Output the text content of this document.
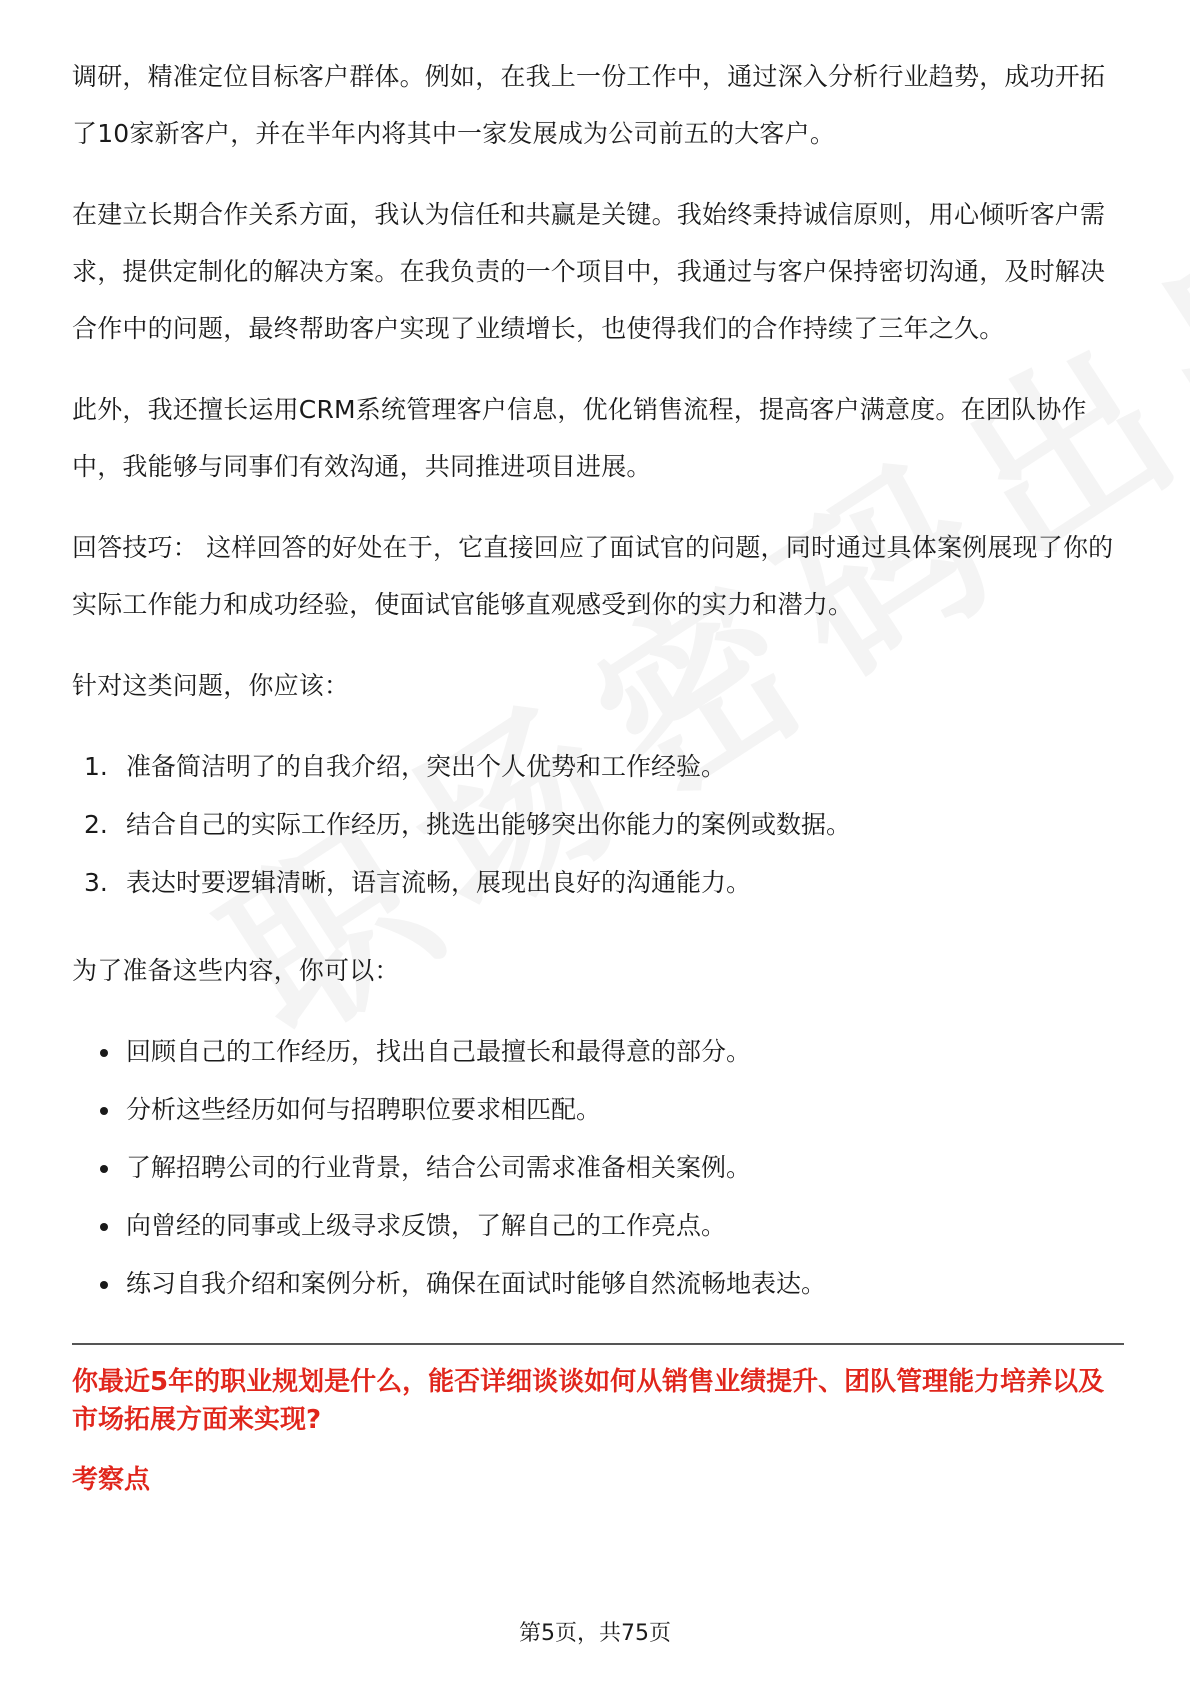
调研，精准定位目标客户群体。例如，在我上一份工作中，通过深入分析行业趋势，成功开拓了10家新客户，并在半年内将其中一家发展成为公司前五的大客户。

在建立长期合作关系方面，我认为信任和共赢是关键。我始终秉持诚信原则，用心倾听客户需求，提供定制化的解决方案。在我负责的一个项目中，我通过与客户保持密切沟通，及时解决合作中的问题，最终帮助客户实现了业绩增长，也使得我们的合作持续了三年之久。

此外，我还擅长运用CRM系统管理客户信息，优化销售流程，提高客户满意度。在团队协作中，我能够与同事们有效沟通，共同推进项目进展。

回答技巧： 这样回答的好处在于，它直接回应了面试官的问题，同时通过具体案例展现了你的实际工作能力和成功经验，使面试官能够直观感受到你的实力和潜力。

针对这类问题，你应该：

1. 准备简洁明了的自我介绍，突出个人优势和工作经验。
2. 结合自己的实际工作经历，挑选出能够突出你能力的案例或数据。
3. 表达时要逻辑清晰，语言流畅，展现出良好的沟通能力。

为了准备这些内容，你可以：

回顾自己的工作经历，找出自己最擅长和最得意的部分。
分析这些经历如何与招聘职位要求相匹配。
了解招聘公司的行业背景，结合公司需求准备相关案例。
向曾经的同事或上级寻求反馈，了解自己的工作亮点。
练习自我介绍和案例分析，确保在面试时能够自然流畅地表达。

你最近5年的职业规划是什么，能否详细谈谈如何从销售业绩提升、团队管理能力培养以及市场拓展方面来实现?

考察点

第5页，共75页
